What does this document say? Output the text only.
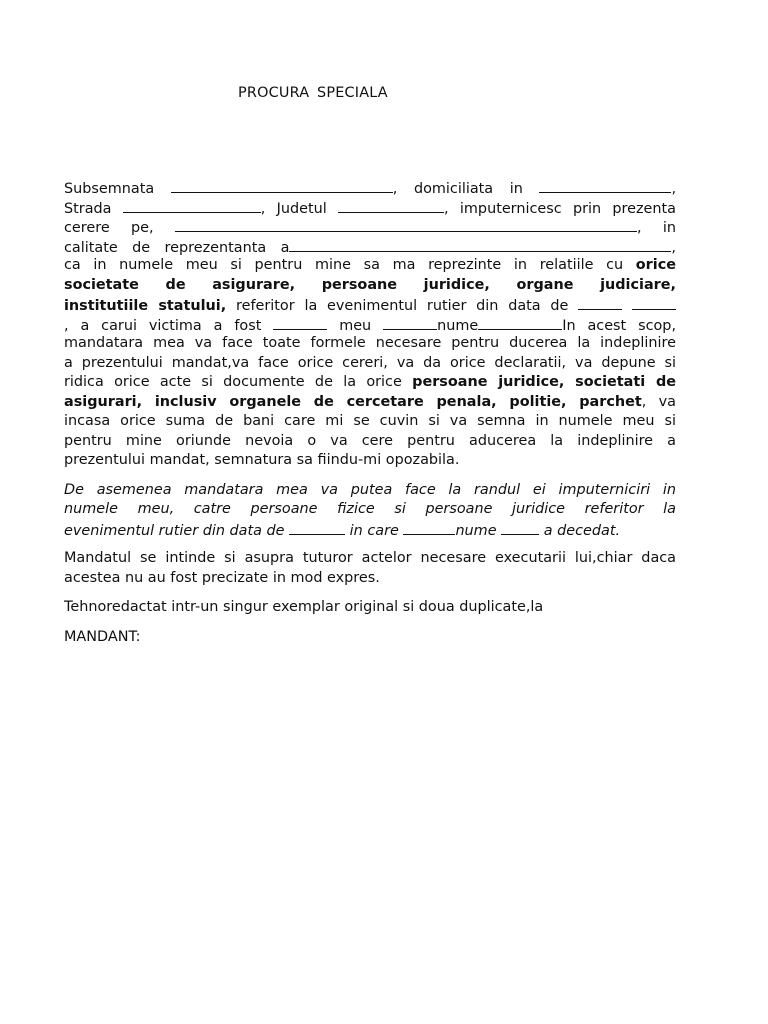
PROCURA SPECIALA
Subsemnata	, domiciliata in	,
Strada	, Judetul	, imputernicesc prin prezenta
cerere pe,	, in
calitate de reprezentanta a	,
ca in numele meu si pentru mine sa ma reprezinte in relatiile cu orice
societate de asigurare, persoane juridice, organe judiciare,
institutiile statului, referitor la evenimentul rutier din data de
, a carui victima a fost	meu	nume	In acest scop,
mandatara mea va face toate formele necesare pentru ducerea la indeplinire
a prezentului mandat,va face orice cereri, va da orice declaratii, va depune si
ridica orice acte si documente de la orice persoane juridice, societati de
asigurari, inclusiv organele de cercetare penala, politie, parchet, va
incasa orice suma de bani care mi se cuvin si va semna in numele meu si
pentru mine oriunde nevoia o va cere pentru aducerea la indeplinire a
prezentului mandat, semnatura sa fiindu-mi opozabila.
De asemenea mandatara mea va putea face la randul ei imputerniciri in
numele meu, catre persoane fizice si persoane juridice referitor la
evenimentul rutier din data de	in care	nume	a decedat.
Mandatul se intinde si asupra tuturor actelor necesare executarii lui,chiar daca
acestea nu au fost precizate in mod expres.
Tehnoredactat intr-un singur exemplar original si doua duplicate,la
MANDANT:
